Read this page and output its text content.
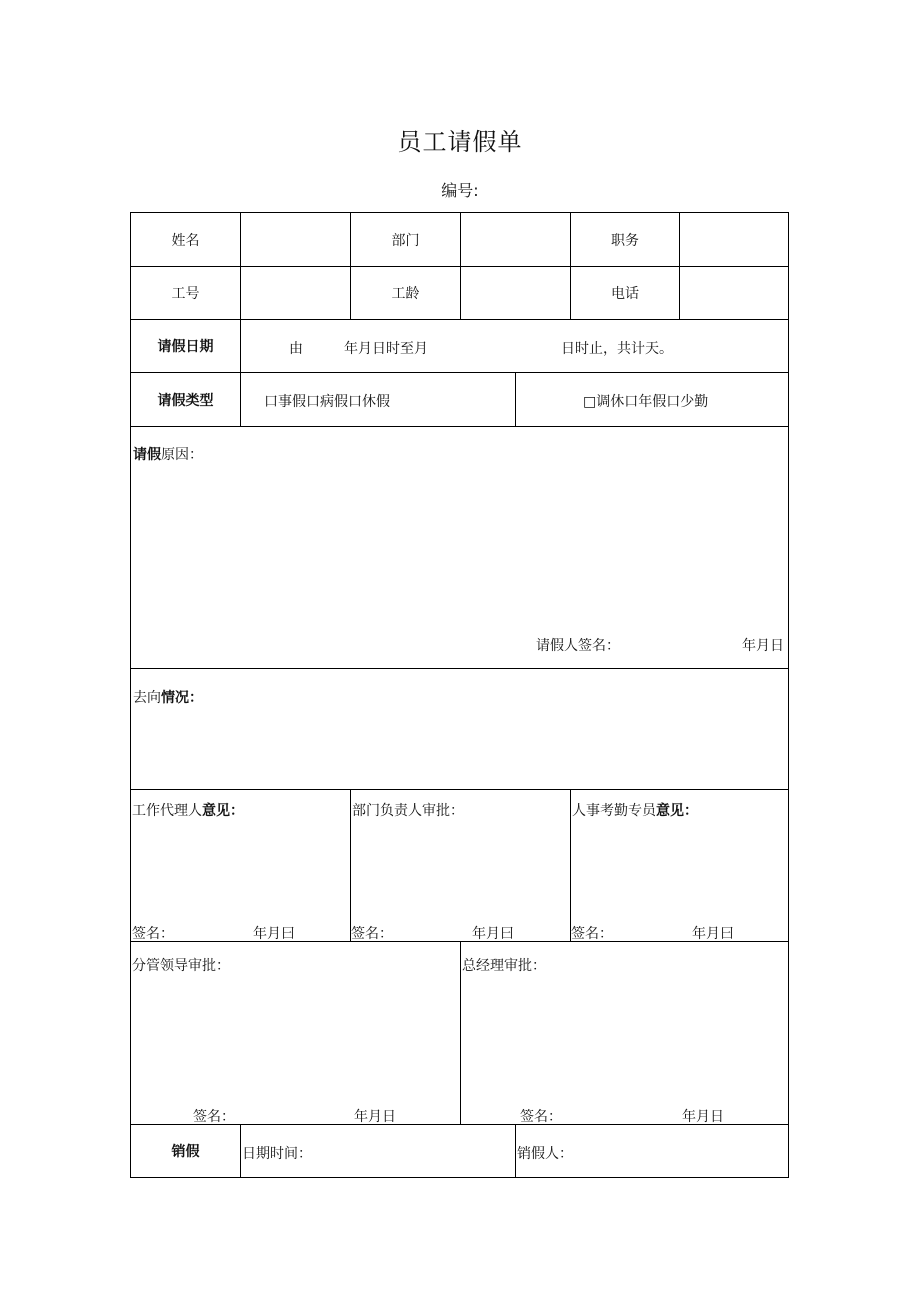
员工请假单
编号:
姓名	部门	职务
工号	工龄	电话
请假日期	由	年月日时至月	日时止，共计天。
请假类型	口事假口病假口休假	□调休口年假口少勤
请假原因：
请假人签名：	年月日
去向情况：
工作代理人意见：	部门负责人审批：	人事考勤专员意见：
签名：	年月曰	签名：	年月曰	签名：	年月曰
分管领导审批：	总经理审批：
签名：	年月日	签名：	年月日
销假	日期时间：	销假人：
